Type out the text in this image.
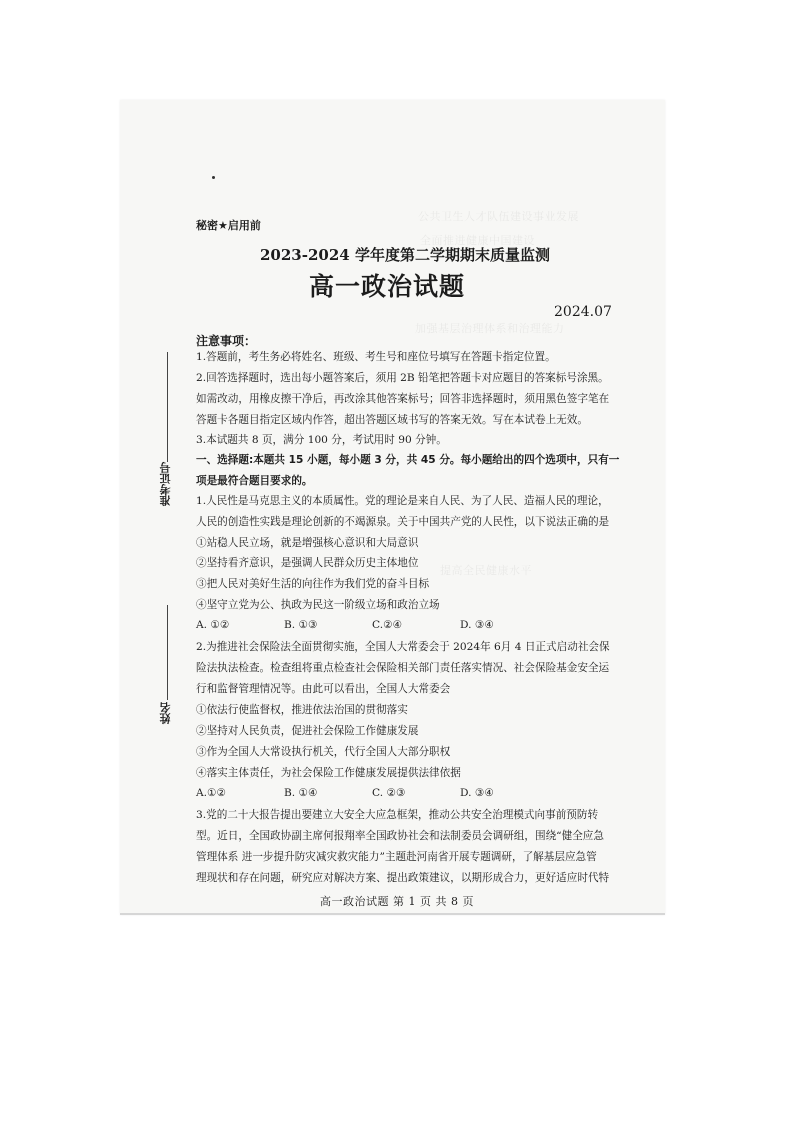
公共卫生人才队伍建设事业发展
全面推进健康中国建设
加强基层治理体系和治理能力
提高全民健康水平
准考证号
姓名
秘密★启用前
2023-2024 学年度第二学期期末质量监测
高一政治试题
2024.07
注意事项：
1.答题前，考生务必将姓名、班级、考生号和座位号填写在答题卡指定位置。
2.回答选择题时，选出每小题答案后，须用 2B 铅笔把答题卡对应题目的答案标号涂黑。
如需改动，用橡皮擦干净后，再改涂其他答案标号；回答非选择题时，须用黑色签字笔在
答题卡各题目指定区域内作答，超出答题区域书写的答案无效。写在本试卷上无效。
3.本试题共 8 页，满分 100 分，考试用时 90 分钟。
一、选择题:本题共 15 小题，每小题 3 分，共 45 分。每小题给出的四个选项中，只有一
项是最符合题目要求的。
1.人民性是马克思主义的本质属性。党的理论是来自人民、为了人民、造福人民的理论，
人民的创造性实践是理论创新的不竭源泉。关于中国共产党的人民性，以下说法正确的是
①站稳人民立场，就是增强核心意识和大局意识
②坚持看齐意识，是强调人民群众历史主体地位
③把人民对美好生活的向往作为我们党的奋斗目标
④坚守立党为公、执政为民这一阶级立场和政治立场
A. ①②	B. ①③	C.②④	D. ③④
2.为推进社会保险法全面贯彻实施，全国人大常委会于 2024年 6月 4 日正式启动社会保
险法执法检查。检查组将重点检查社会保险相关部门责任落实情况、社会保险基金安全运
行和监督管理情况等。由此可以看出，全国人大常委会
①依法行使监督权，推进依法治国的贯彻落实
②坚持对人民负责，促进社会保险工作健康发展
③作为全国人大常设执行机关，代行全国人大部分职权
④落实主体责任，为社会保险工作健康发展提供法律依据
A.①②	B. ①④	C. ②③	D. ③④
3.党的二十大报告提出要建立大安全大应急框架，推动公共安全治理模式向事前预防转
型。近日，全国政协副主席何报翔率全国政协社会和法制委员会调研组，围绕“健全应急
管理体系 进一步提升防灾减灾救灾能力”主题赴河南省开展专题调研，了解基层应急管
理现状和存在问题，研究应对解决方案、提出政策建议，以期形成合力，更好适应时代特
高一政治试题 第 1 页 共 8 页
